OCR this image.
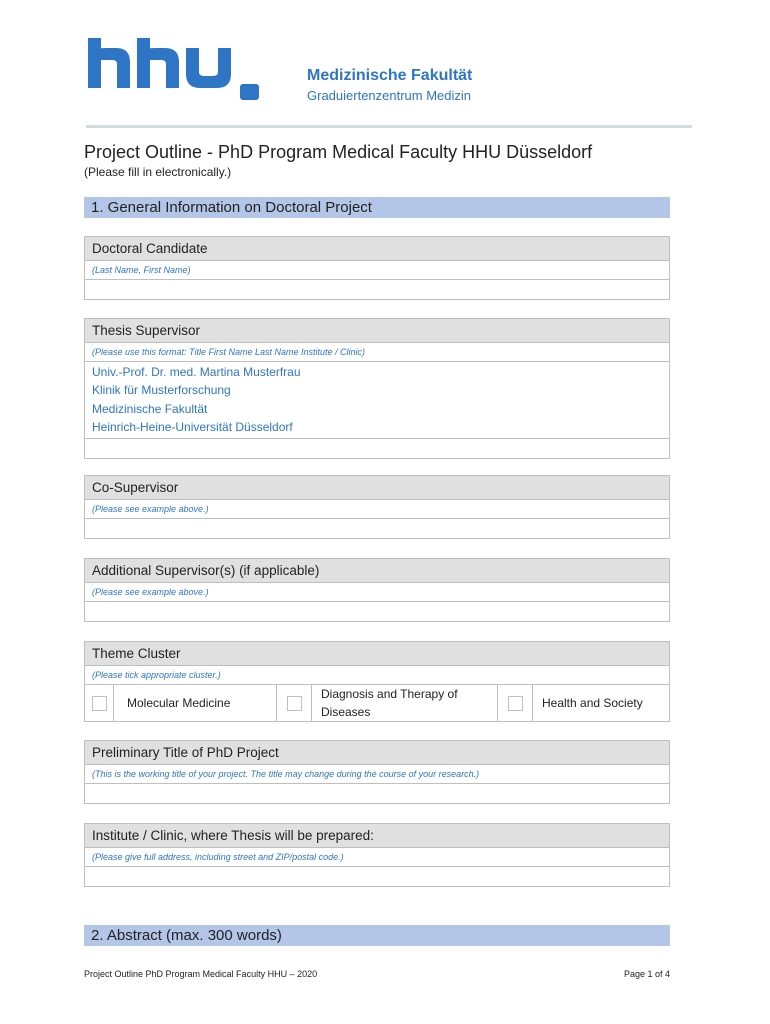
Medizinische Fakultät
Graduiertenzentrum Medizin
Project Outline - PhD Program Medical Faculty HHU Düsseldorf
(Please fill in electronically.)
1. General Information on Doctoral Project
Doctoral Candidate
(Last Name, First Name)
Thesis Supervisor
(Please use this format: Title First Name Last Name Institute / Clinic)
Univ.-Prof. Dr. med. Martina Musterfrau
Klinik für Musterforschung
Medizinische Fakultät
Heinrich-Heine-Universität Düsseldorf
Co-Supervisor
(Please see example above.)
Additional Supervisor(s) (if applicable)
(Please see example above.)
Theme Cluster
(Please tick appropriate cluster.)
Molecular Medicine
Diagnosis and Therapy of Diseases
Health and Society
Preliminary Title of PhD Project
(This is the working title of your project. The title may change during the course of your research.)
Institute / Clinic, where Thesis will be prepared:
(Please give full address, including street and ZIP/postal code.)
2. Abstract (max. 300 words)
Project Outline PhD Program Medical Faculty HHU – 2020	Page 1 of 4
